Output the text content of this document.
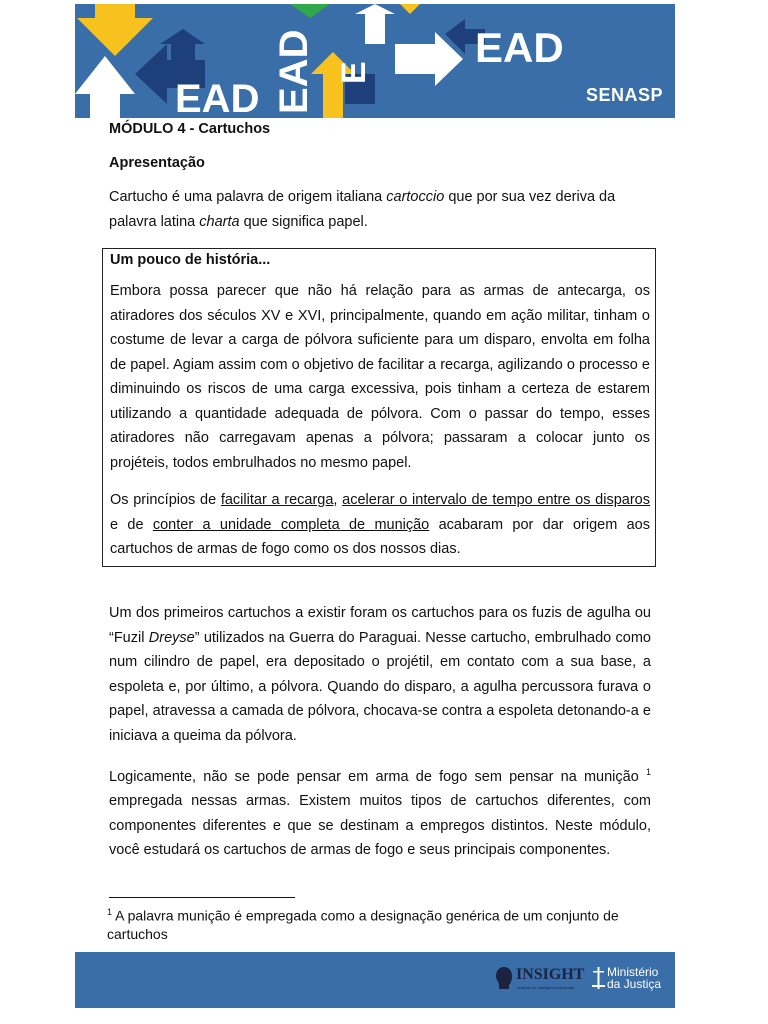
EAD
EAD
EAD E
SENASP
MÓDULO 4 - Cartuchos
Apresentação
Cartucho é uma palavra de origem italiana cartoccio que por sua vez deriva da palavra latina charta que significa papel.
Um pouco de história...

Embora possa parecer que não há relação para as armas de antecarga, os atiradores dos séculos XV e XVI, principalmente, quando em ação militar, tinham o costume de levar a carga de pólvora suficiente para um disparo, envolta em folha de papel. Agiam assim com o objetivo de facilitar a recarga, agilizando o processo e diminuindo os riscos de uma carga excessiva, pois tinham a certeza de estarem utilizando a quantidade adequada de pólvora. Com o passar do tempo, esses atiradores não carregavam apenas a pólvora; passaram a colocar junto os projéteis, todos embrulhados no mesmo papel.

Os princípios de facilitar a recarga, acelerar o intervalo de tempo entre os disparos e de conter a unidade completa de munição acabaram por dar origem aos cartuchos de armas de fogo como os dos nossos dias.

Um dos primeiros cartuchos a existir foram os cartuchos para os fuzis de agulha ou “Fuzil Dreyse” utilizados na Guerra do Paraguai. Nesse cartucho, embrulhado como num cilindro de papel, era depositado o projétil, em contato com a sua base, a espoleta e, por último, a pólvora. Quando do disparo, a agulha percussora furava o papel, atravessa a camada de pólvora, chocava-se contra a espoleta detonando-a e iniciava a queima da pólvora.

Logicamente, não se pode pensar em arma de fogo sem pensar na munição $^1$ empregada nessas armas. Existem muitos tipos de cartuchos diferentes, com componentes diferentes e que se destinam a empregos distintos. Neste módulo, você estudará os cartuchos de armas de fogo e seus principais componentes.

$^1$ A palavra munição é empregada como a designação genérica de um conjunto de cartuchos
INSIGHT
Instituto de Inteligência Aplicada
Ministério
da Justiça
